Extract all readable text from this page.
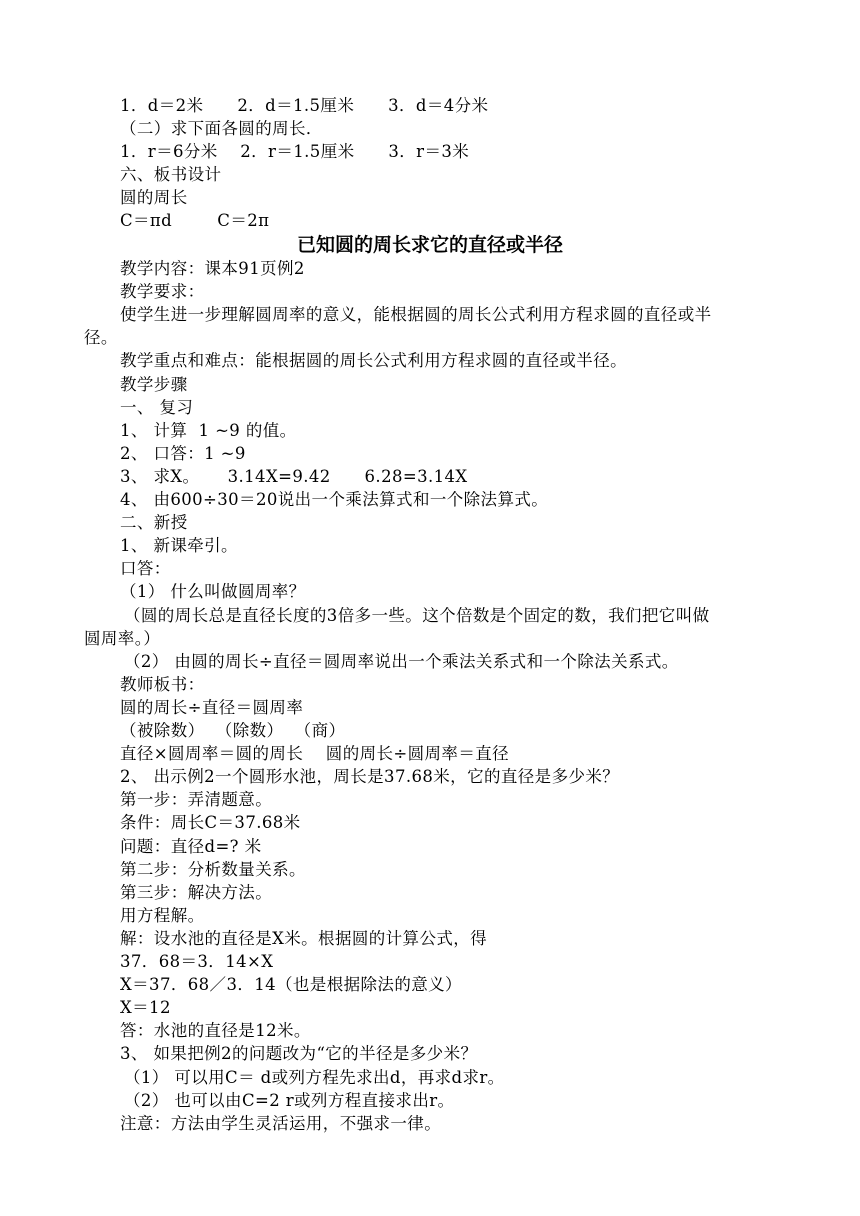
1．d＝2米      2．d＝1.5厘米      3．d＝4分米
（二）求下面各圆的周长．
1．r＝6分米    2．r＝1.5厘米      3．r＝3米
六、板书设计
圆的周长
C＝πd        C＝2π
已知圆的周长求它的直径或半径
教学内容：课本91页例2
教学要求：
使学生进一步理解圆周率的意义，能根据圆的周长公式利用方程求圆的直径或半
径。
教学重点和难点：能根据圆的周长公式利用方程求圆的直径或半径。
教学步骤
一、 复习
1、 计算  1 ~9 的值。
2、 口答：1 ~9
3、 求X。     3.14X=9.42      6.28=3.14X
4、 由600÷30＝20说出一个乘法算式和一个除法算式。
二、新授
1、 新课牵引。
口答：
（1） 什么叫做圆周率？
（圆的周长总是直径长度的3倍多一些。这个倍数是个固定的数，我们把它叫做
圆周率。）
（2） 由圆的周长÷直径＝圆周率说出一个乘法关系式和一个除法关系式。
教师板书：
圆的周长÷直径＝圆周率
（被除数）  （除数）  （商）
直径×圆周率＝圆的周长    圆的周长÷圆周率＝直径
2、 出示例2一个圆形水池，周长是37.68米，它的直径是多少米？
第一步：弄清题意。
条件：周长C＝37.68米
问题：直径d=? 米
第二步：分析数量关系。
第三步：解决方法。
用方程解。
解：设水池的直径是X米。根据圆的计算公式，得
37．68＝3．14×X
X＝37．68／3．14（也是根据除法的意义）
X＝12
答：水池的直径是12米。
3、 如果把例2的问题改为“它的半径是多少米？
（1） 可以用C＝ d或列方程先求出d，再求d求r。
（2） 也可以由C=2 r或列方程直接求出r。
注意：方法由学生灵活运用，不强求一律。
